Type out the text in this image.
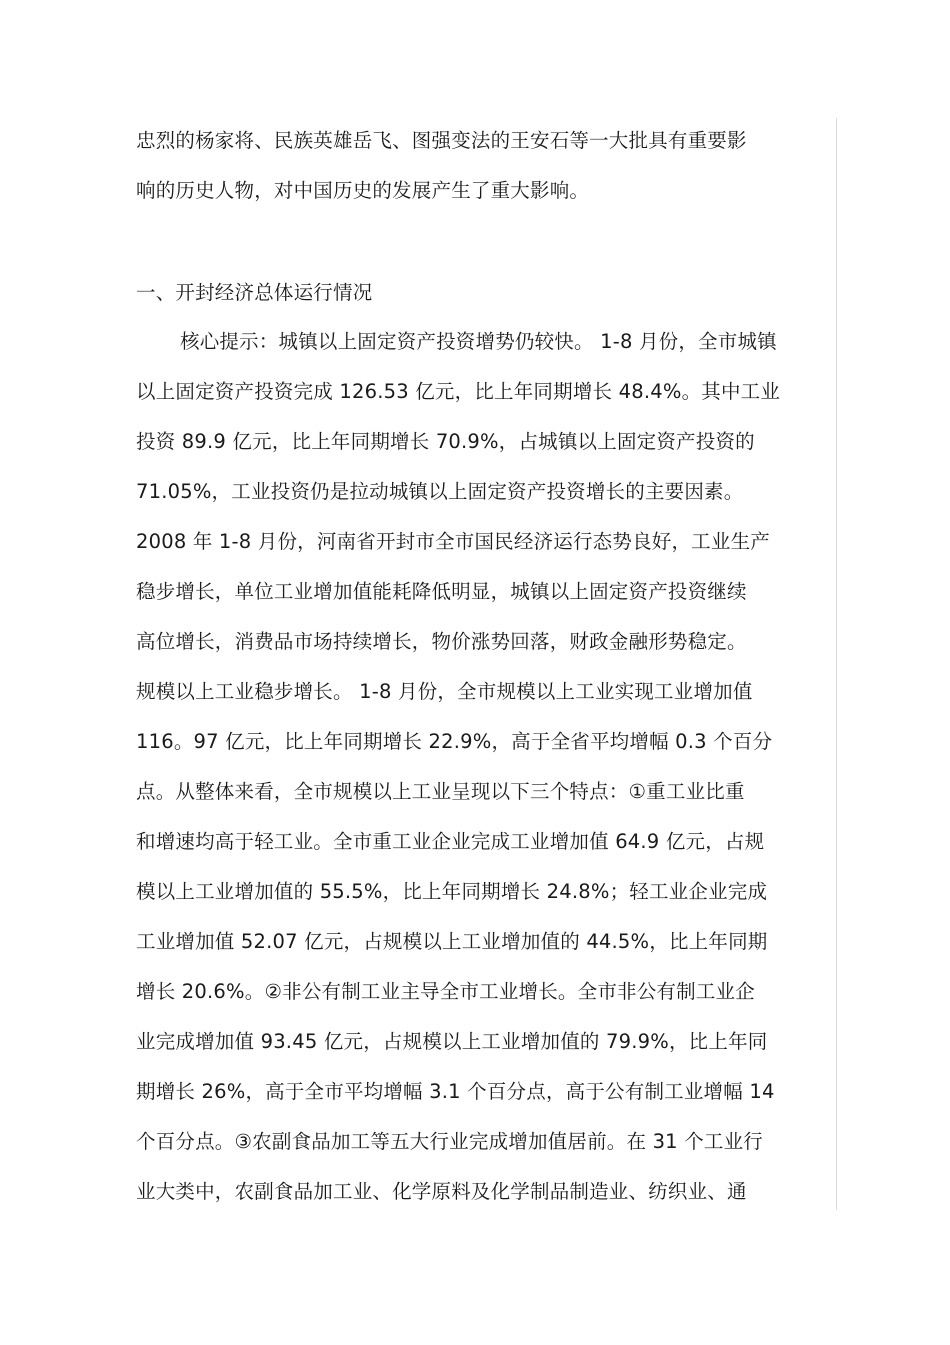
忠烈的杨家将、民族英雄岳飞、图强变法的王安石等一大批具有重要影
响的历史人物，对中国历史的发展产生了重大影响。
一、开封经济总体运行情况
核心提示：城镇以上固定资产投资增势仍较快。 1-8 月份，全市城镇
以上固定资产投资完成 126.53 亿元，比上年同期增长 48.4%。其中工业
投资 89.9 亿元，比上年同期增长 70.9%，占城镇以上固定资产投资的
71.05%，工业投资仍是拉动城镇以上固定资产投资增长的主要因素。
2008 年 1-8 月份，河南省开封市全市国民经济运行态势良好，工业生产
稳步增长，单位工业增加值能耗降低明显，城镇以上固定资产投资继续
高位增长，消费品市场持续增长，物价涨势回落，财政金融形势稳定。
规模以上工业稳步增长。 1-8 月份，全市规模以上工业实现工业增加值
116。97 亿元，比上年同期增长 22.9%，高于全省平均增幅 0.3 个百分
点。从整体来看，全市规模以上工业呈现以下三个特点：①重工业比重
和增速均高于轻工业。全市重工业企业完成工业增加值 64.9 亿元，占规
模以上工业增加值的 55.5%，比上年同期增长 24.8%；轻工业企业完成
工业增加值 52.07 亿元，占规模以上工业增加值的 44.5%，比上年同期
增长 20.6%。②非公有制工业主导全市工业增长。全市非公有制工业企
业完成增加值 93.45 亿元，占规模以上工业增加值的 79.9%，比上年同
期增长 26%，高于全市平均增幅 3.1 个百分点，高于公有制工业增幅 14
个百分点。③农副食品加工等五大行业完成增加值居前。在 31 个工业行
业大类中，农副食品加工业、化学原料及化学制品制造业、纺织业、通
